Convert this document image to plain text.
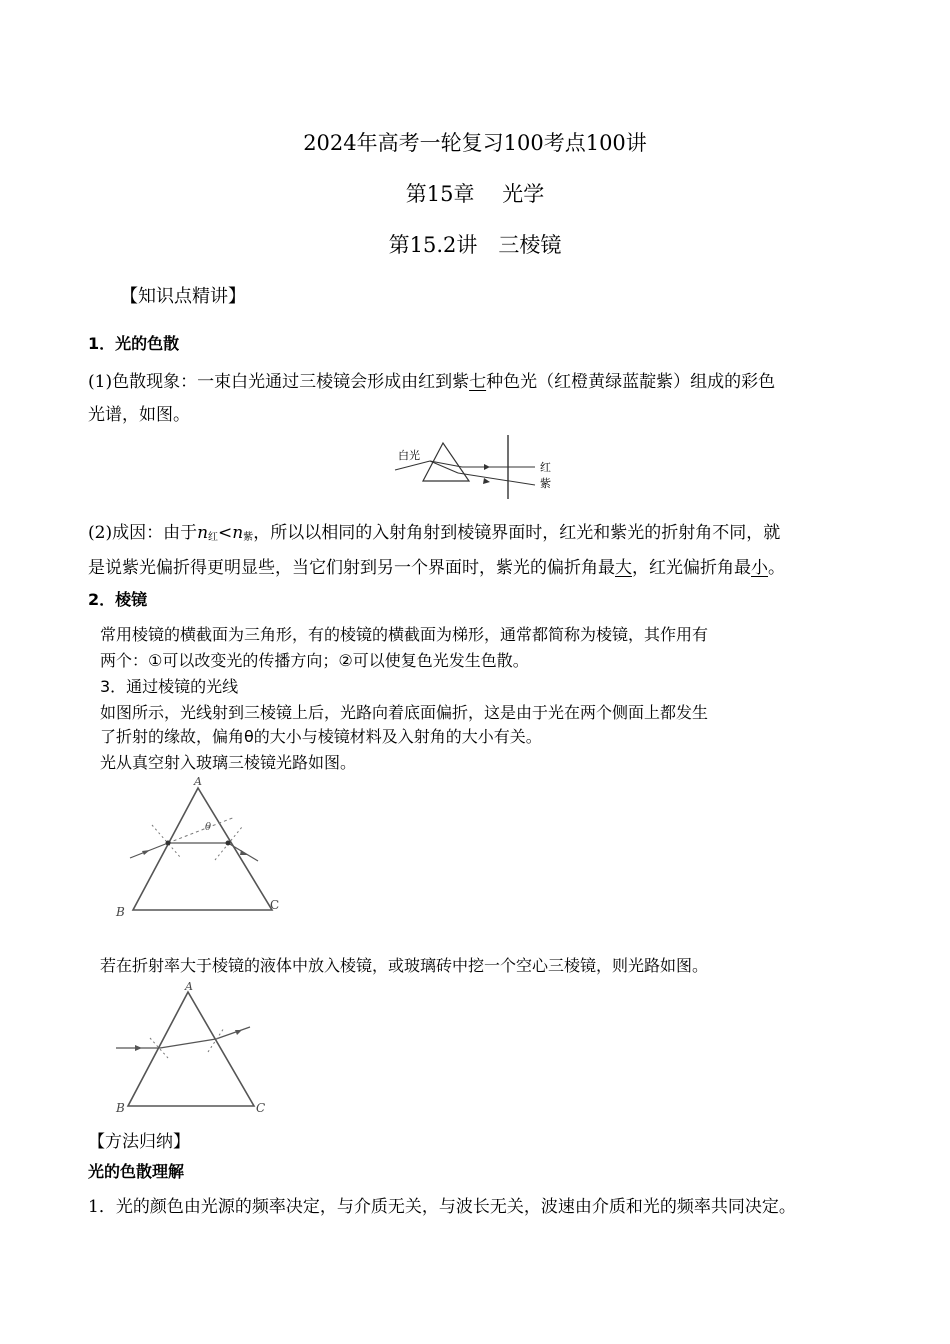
2024年高考一轮复习100考点100讲
第15章　 光学
第15.2讲　三棱镜
【知识点精讲】
1．光的色散
(1)色散现象：一束白光通过三棱镜会形成由红到紫七种色光（红橙黄绿蓝靛紫）组成的彩色
光谱，如图。
白光
红
紫
(2)成因：由于n红<n紫，所以以相同的入射角射到棱镜界面时，红光和紫光的折射角不同，就
是说紫光偏折得更明显些，当它们射到另一个界面时，紫光的偏折角最大，红光偏折角最小。
2．棱镜
常用棱镜的横截面为三角形，有的棱镜的横截面为梯形，通常都简称为棱镜，其作用有
两个：①可以改变光的传播方向；②可以使复色光发生色散。
3．通过棱镜的光线
如图所示，光线射到三棱镜上后，光路向着底面偏折，这是由于光在两个侧面上都发生
了折射的缘故，偏角θ的大小与棱镜材料及入射角的大小有关。
光从真空射入玻璃三棱镜光路如图。
A
B	C
θ
若在折射率大于棱镜的液体中放入棱镜，或玻璃砖中挖一个空心三棱镜，则光路如图。
A
B	C
【方法归纳】
光的色散理解
1．光的颜色由光源的频率决定，与介质无关，与波长无关，波速由介质和光的频率共同决定。
